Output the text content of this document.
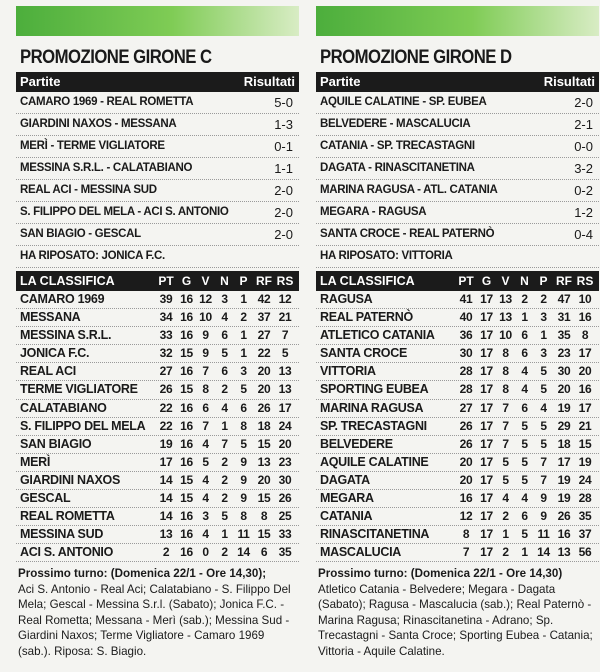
PROMOZIONE GIRONE C
Partite	Risultati
CAMARO 1969 - REAL ROMETTA	5-0
GIARDINI NAXOS - MESSANA	1-3
MERÌ - TERME VIGLIATORE	0-1
MESSINA S.R.L. - CALATABIANO	1-1
REAL ACI - MESSINA SUD	2-0
S. FILIPPO DEL MELA - ACI S. ANTONIO	2-0
SAN BIAGIO - GESCAL	2-0
HA RIPOSATO: JONICA F.C.
LA CLASSIFICA	PT G V N P RF RS
CAMARO 1969	39 16 12 3	1 42 12
MESSANA	34 16 10 4	2 37 21
MESSINA S.R.L.	33 16 9	6	1 27 7
JONICA F.C.	32 15 9	5	1 22 5
REAL ACI	27 16 7	6	3 20 13
TERME VIGLIATORE	26 15 8	2	5 20 13
CALATABIANO	22 16 6	4	6 26 17
S. FILIPPO DEL MELA	22 16 7	1	8 18 24
SAN BIAGIO	19 16 4	7	5 15 20
MERÌ	17 16 5	2	9 13 23
GIARDINI NAXOS	14 15 4	2	9 20 30
GESCAL	14 15 4	2	9 15 26
REAL ROMETTA	14 16 3	5	8	8 25
MESSINA SUD	13 16 4	1 11 15 33
ACI S. ANTONIO	2 16 0	2 14 6 35
Prossimo turno: (Domenica 22/1 - Ore 14,30);
Aci S. Antonio - Real Aci; Calatabiano - S. Filippo Del Mela; Gescal - Messina S.r.l. (Sabato); Jonica F.C. - Real Rometta; Messana - Merì (sab.); Messina Sud - Giardini Naxos; Terme Vigliatore - Camaro 1969 (sab.). Riposa: S. Biagio.
PROMOZIONE GIRONE D
Partite	Risultati
AQUILE CALATINE - SP. EUBEA	2-0
BELVEDERE - MASCALUCIA	2-1
CATANIA - SP. TRECASTAGNI	0-0
DAGATA - RINASCITANETINA	3-2
MARINA RAGUSA - ATL. CATANIA	0-2
MEGARA - RAGUSA	1-2
SANTA CROCE - REAL PATERNÒ	0-4
HA RIPOSATO: VITTORIA
LA CLASSIFICA	PT G V N P RF RS
RAGUSA	41 17 13 2	2 47 10
REAL PATERNÒ	40 17 13 1	3 31 16
ATLETICO CATANIA	36 17 10 6	1 35 8
SANTA CROCE	30 17 8	6	3 23 17
VITTORIA	28 17 8	4	5 30 20
SPORTING EUBEA	28 17 8	4	5 20 16
MARINA RAGUSA	27 17 7	6	4 19 17
SP. TRECASTAGNI	26 17 7	5	5 29 21
BELVEDERE	26 17 7	5	5 18 15
AQUILE CALATINE	20 17 5	5	7 17 19
DAGATA	20 17 5	5	7 19 24
MEGARA	16 17 4	4	9 19 28
CATANIA	12 17 2	6	9 26 35
RINASCITANETINA	8 17 1	5 11 16 37
MASCALUCIA	7 17 2	1 14 13 56
Prossimo turno: (Domenica 22/1 - Ore 14,30)
Atletico Catania - Belvedere; Megara - Dagata (Sabato); Ragusa - Mascalucia (sab.); Real Paternò - Marina Ragusa; Rinascitanetina - Adrano; Sp. Trecastagni - Santa Croce; Sporting Eubea - Catania; Vittoria - Aquile Calatine.
